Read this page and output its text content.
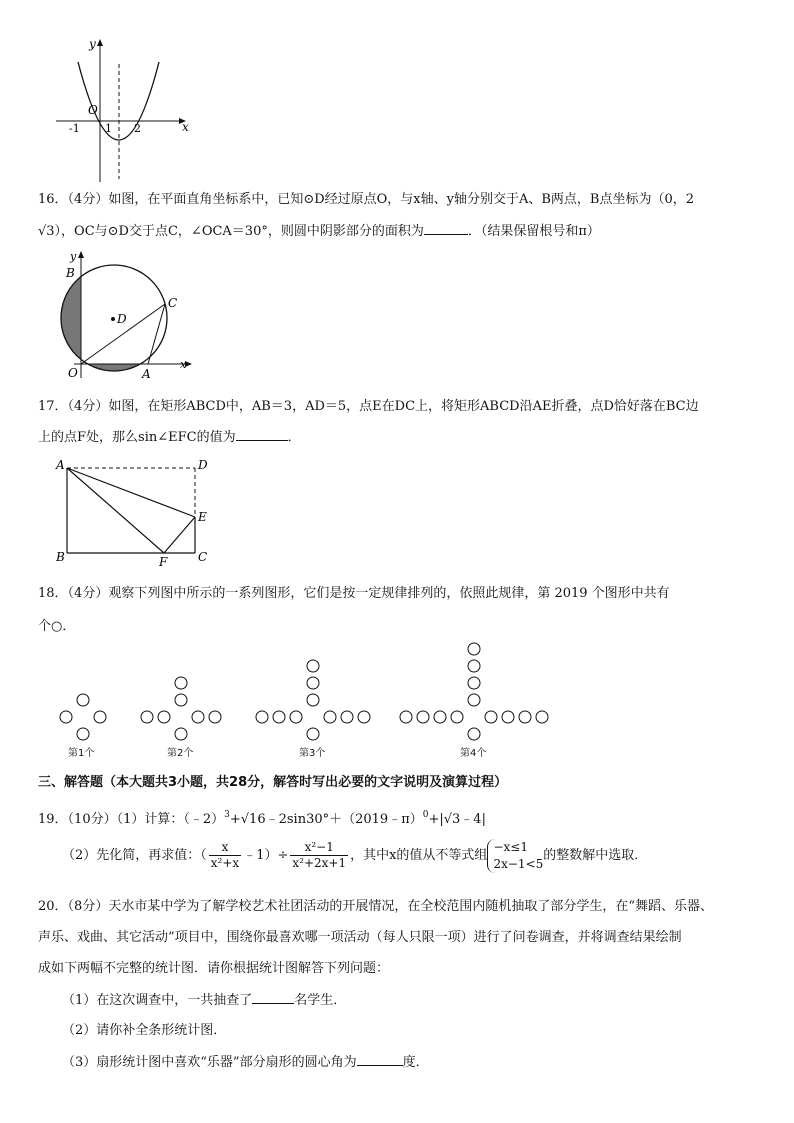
y
x
O
-1 1 2
16．（4分）如图，在平面直角坐标系中，已知⊙D经过原点O，与x轴、y轴分别交于A、B两点，B点坐标为（0，2
√3），OC与⊙D交于点C，∠OCA＝30°，则圆中阴影部分的面积为	．（结果保留根号和π）
y
x
B
C
D
O	A
17．（4分）如图，在矩形ABCD中，AB＝3，AD＝5，点E在DC上，将矩形ABCD沿AE折叠，点D恰好落在BC边
上的点F处，那么sin∠EFC的值为	．
A	D
E
B	F	C
18．（4分）观察下列图中所示的一系列图形，它们是按一定规律排列的，依照此规律，第 2019 个图形中共有
个○．
第1个	第2个	第3个	第4个
三、解答题（本大题共3小题，共28分，解答时写出必要的文字说明及演算过程）
19．（10分）（1）计算：（﹣2）$^3$+√16﹣2sin30°＋（2019﹣π）$^0$+|√3﹣4|
（2）先化简，再求值：（ $\frac{x}{\text{x²+x}}$ ﹣1）÷ $\frac{\text{x²−1}}{\text{x²+2x+1}}$ ，其中x的值从不等式组
−x≤1
2x−1<5
的整数解中选取．
20．（8分）天水市某中学为了解学校艺术社团活动的开展情况，在全校范围内随机抽取了部分学生，在“舞蹈、乐器、
声乐、戏曲、其它活动”项目中，围绕你最喜欢哪一项活动（每人只限一项）进行了问卷调查，并将调查结果绘制
成如下两幅不完整的统计图．请你根据统计图解答下列问题：
（1）在这次调查中，一共抽查了	名学生．
（2）请你补全条形统计图．
（3）扇形统计图中喜欢“乐器”部分扇形的圆心角为	度．
